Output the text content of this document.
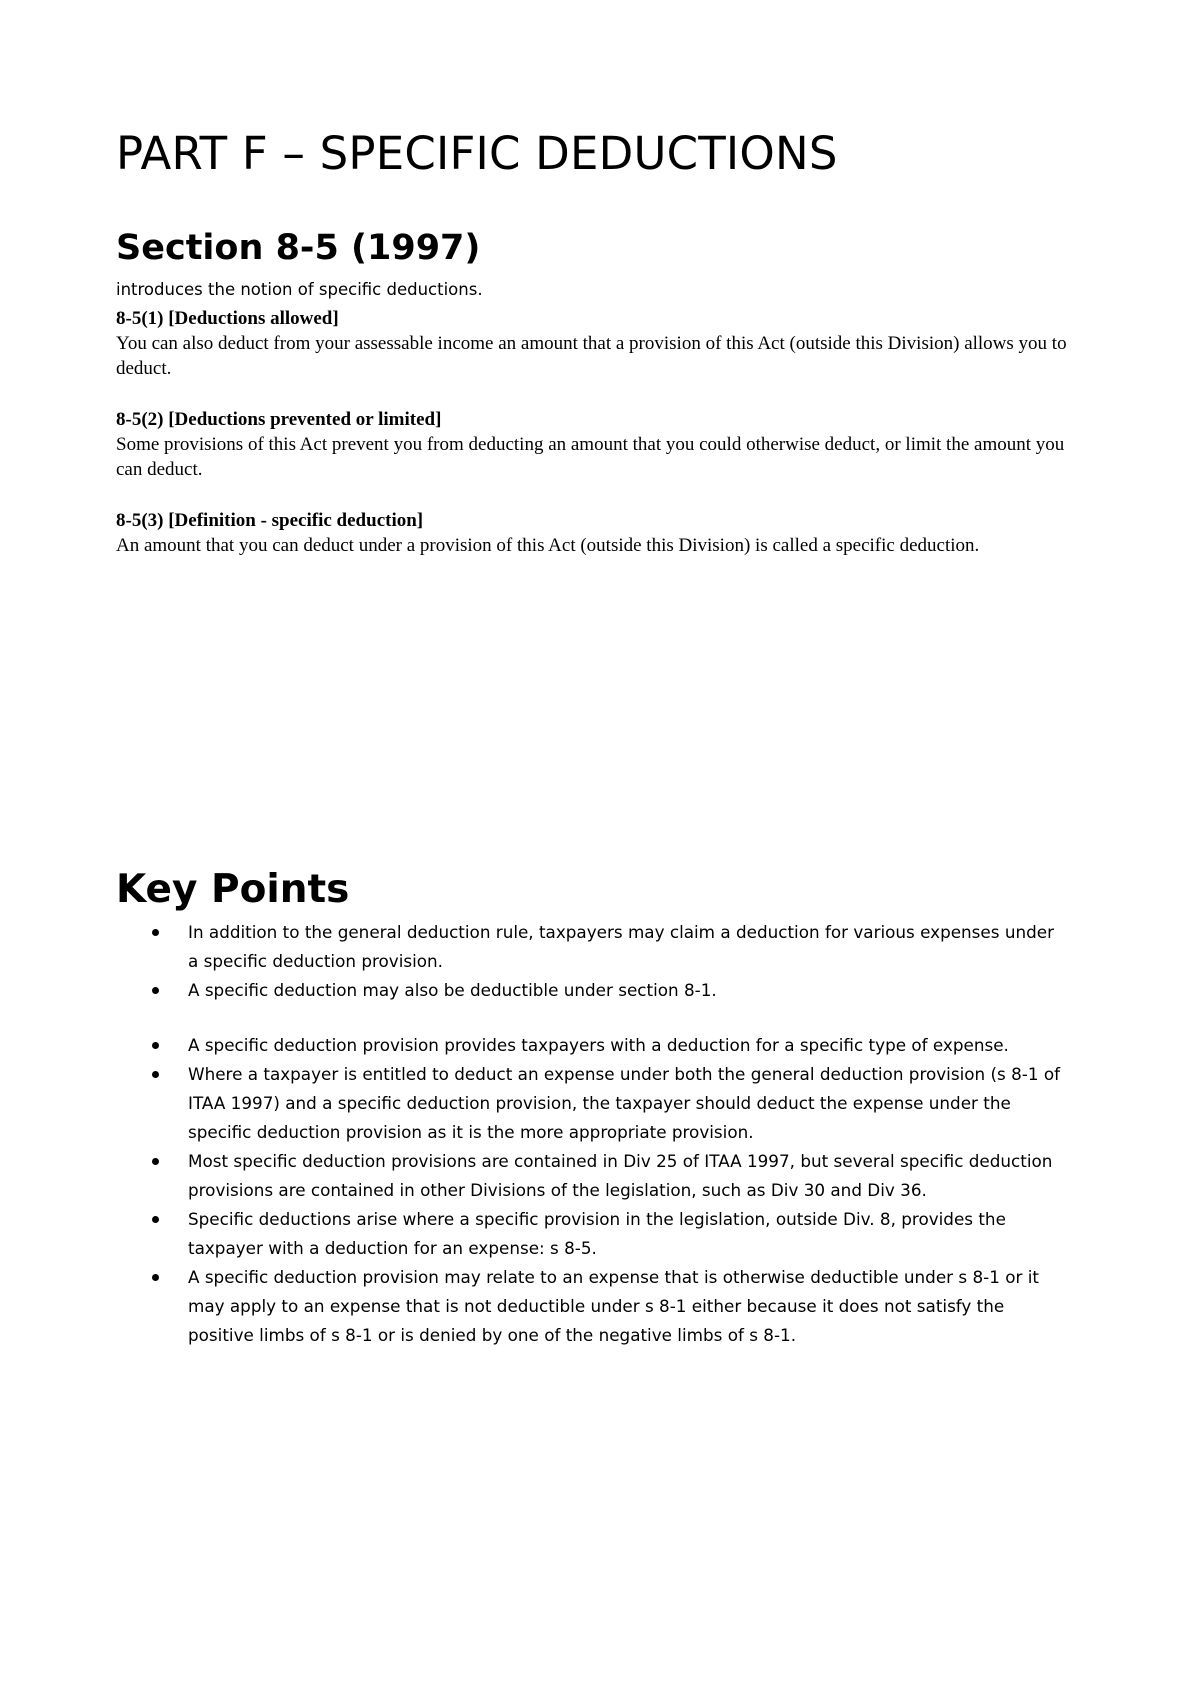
PART F – SPECIFIC DEDUCTIONS
Section 8-5 (1997)

introduces the notion of specific deductions.

8-5(1) [Deductions allowed]
You can also deduct from your assessable income an amount that a provision of this Act (outside this Division) allows you to deduct.
8-5(2) [Deductions prevented or limited]
Some provisions of this Act prevent you from deducting an amount that you could otherwise deduct, or limit the amount you can deduct.
8-5(3) [Definition - specific deduction]
An amount that you can deduct under a provision of this Act (outside this Division) is called a specific deduction.
Key Points
In addition to the general deduction rule, taxpayers may claim a deduction for various expenses under a specific deduction provision.
A specific deduction may also be deductible under section 8-1.
A specific deduction provision provides taxpayers with a deduction for a specific type of expense.
Where a taxpayer is entitled to deduct an expense under both the general deduction provision (s 8-1 of ITAA 1997) and a specific deduction provision, the taxpayer should deduct the expense under the specific deduction provision as it is the more appropriate provision.
Most specific deduction provisions are contained in Div 25 of ITAA 1997, but several specific deduction provisions are contained in other Divisions of the legislation, such as Div 30 and Div 36.
Specific deductions arise where a specific provision in the legislation, outside Div. 8, provides the taxpayer with a deduction for an expense: s 8-5.
A specific deduction provision may relate to an expense that is otherwise deductible under s 8-1 or it may apply to an expense that is not deductible under s 8-1 either because it does not satisfy the positive limbs of s 8-1 or is denied by one of the negative limbs of s 8-1.
